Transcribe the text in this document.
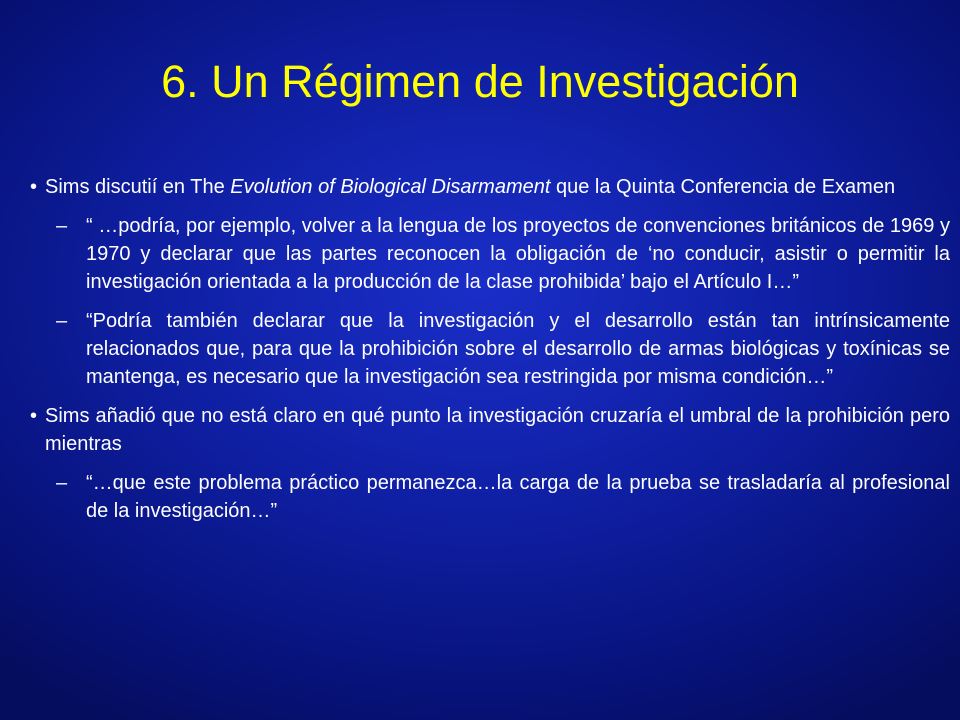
6. Un Régimen de Investigación
• Sims discutií en The Evolution of Biological Disarmament que la Quinta Conferencia de Examen
– “ …podría, por ejemplo, volver a la lengua de los proyectos de convenciones británicos de 1969 y 1970 y declarar que las partes reconocen la obligación de ‘no conducir, asistir o permitir la investigación orientada a la producción de la clase prohibida’ bajo el Artículo I…”
– “Podría también declarar que la investigación y el desarrollo están tan intrínsicamente relacionados que, para que la prohibición sobre el desarrollo de armas biológicas y toxínicas se mantenga, es necesario que la investigación sea restringida por misma condición…”
• Sims añadió que no está claro en qué punto la investigación cruzaría el umbral de la prohibición pero mientras
– “…que este problema práctico permanezca…la carga de la prueba se trasladaría al profesional de la investigación…”
